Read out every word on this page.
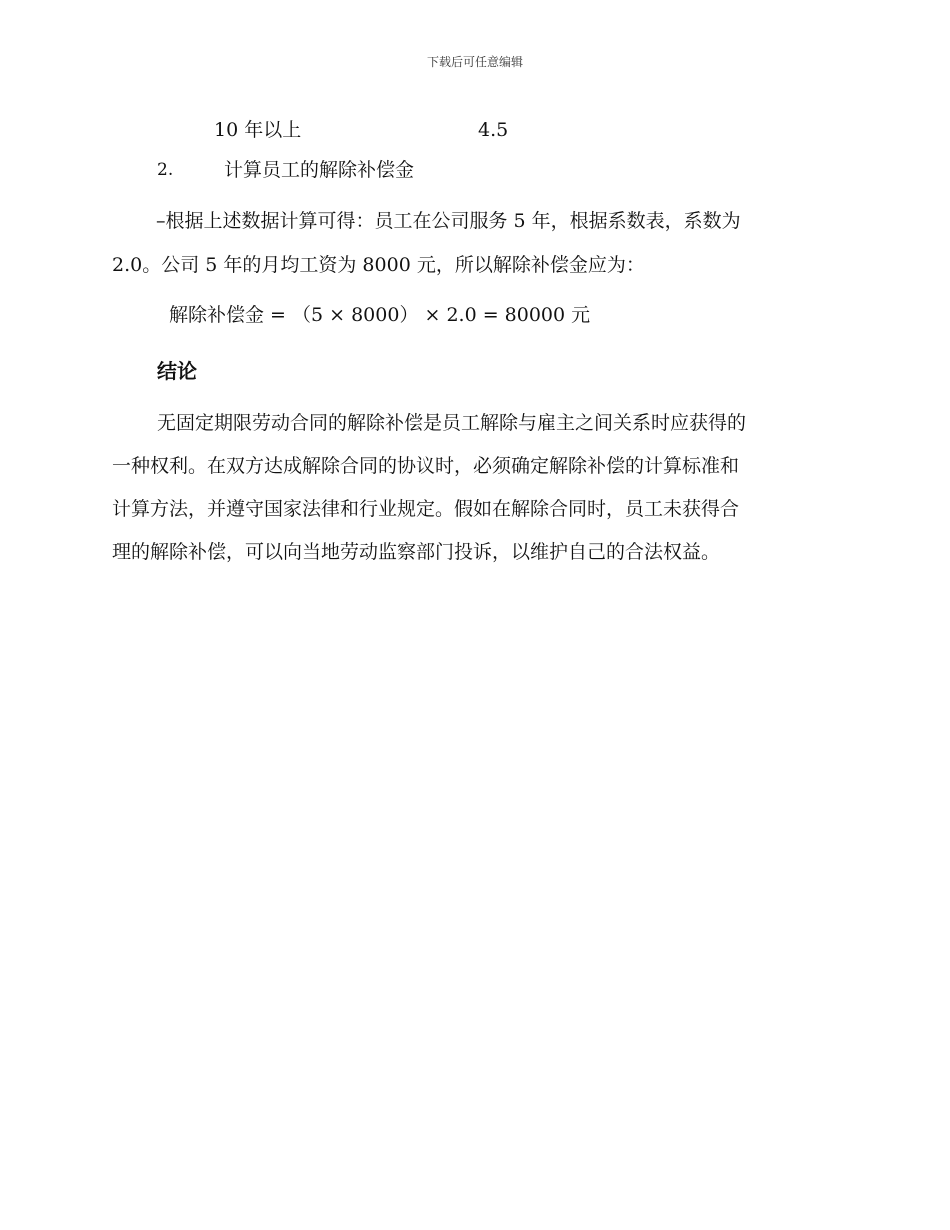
下载后可任意编辑
10 年以上	4.5
2.	计算员工的解除补偿金
–根据上述数据计算可得：员工在公司服务 5 年，根据系数表，系数为
2.0。公司 5 年的月均工资为 8000 元，所以解除补偿金应为：
解除补偿金 = （5 × 8000） × 2.0 = 80000 元
结论
无固定期限劳动合同的解除补偿是员工解除与雇主之间关系时应获得的
一种权利。在双方达成解除合同的协议时，必须确定解除补偿的计算标准和
计算方法，并遵守国家法律和行业规定。假如在解除合同时，员工未获得合
理的解除补偿，可以向当地劳动监察部门投诉，以维护自己的合法权益。
